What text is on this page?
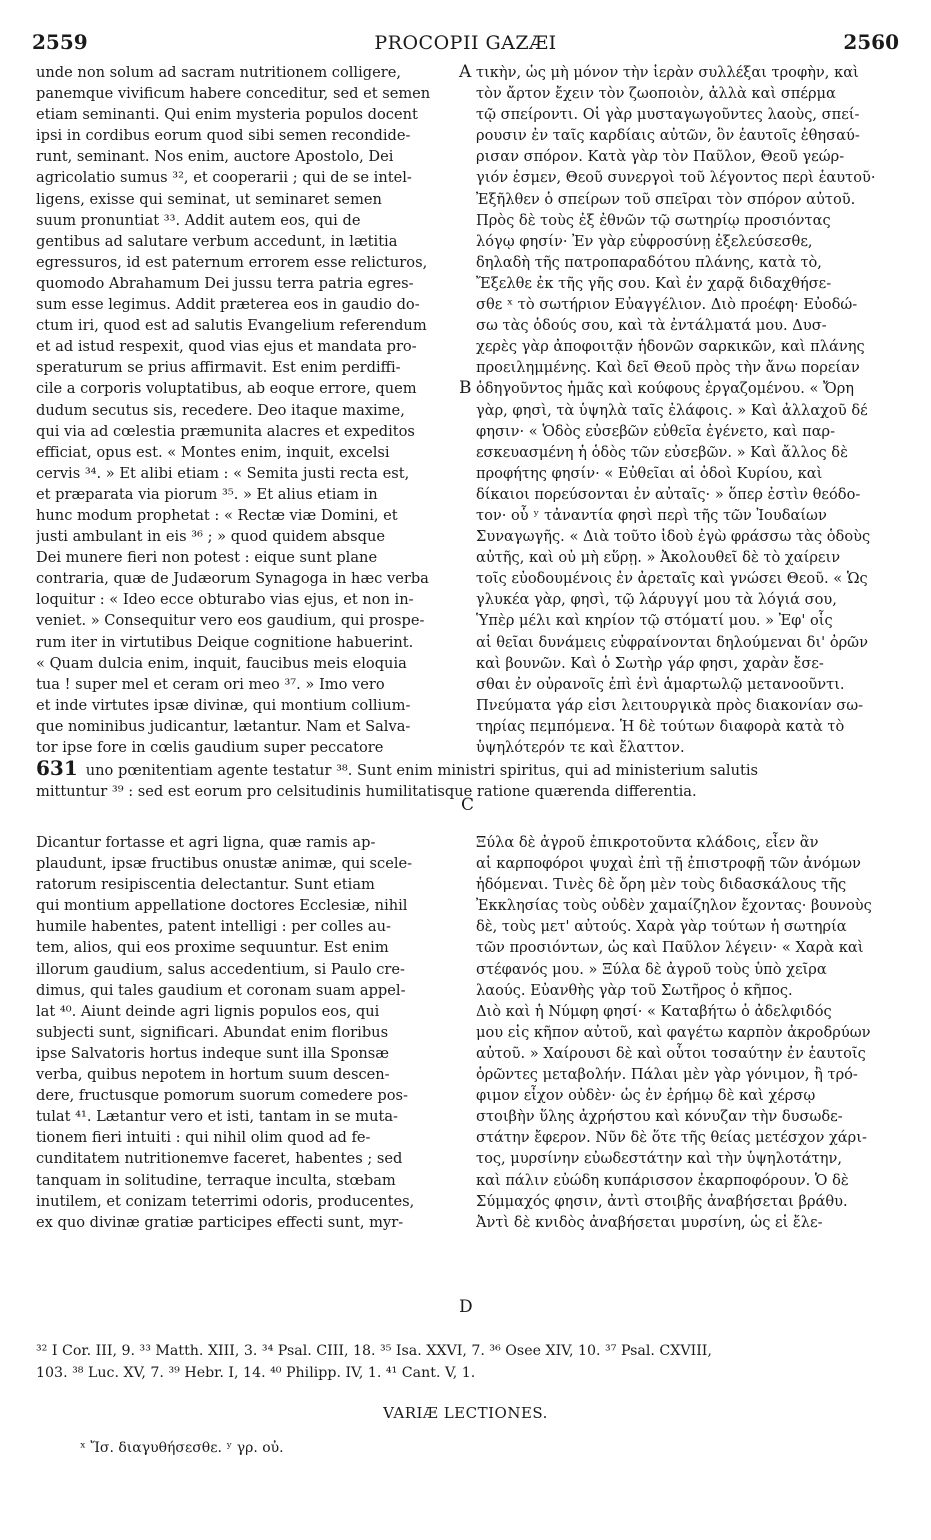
2559	PROCOPII GAZÆI	2560
unde non solum ad sacram nutritionem colligere,
panemque vivificum habere conceditur, sed et semen
etiam seminanti. Qui enim mysteria populos docent
ipsi in cordibus eorum quod sibi semen recondide-
runt, seminant. Nos enim, auctore Apostolo, Dei
agricolatio sumus ³², et cooperarii ; qui de se intel-
ligens, exisse qui seminat, ut seminaret semen
suum pronuntiat ³³. Addit autem eos, qui de
gentibus ad salutare verbum accedunt, in lætitia
egressuros, id est paternum errorem esse relicturos,
quomodo Abrahamum Dei jussu terra patria egres-
sum esse legimus. Addit præterea eos in gaudio do-
ctum iri, quod est ad salutis Evangelium referendum
et ad istud respexit, quod vias ejus et mandata pro-
speraturum se prius affirmavit. Est enim perdiffi-
cile a corporis voluptatibus, ab eoque errore, quem
dudum secutus sis, recedere. Deo itaque maxime,
qui via ad cœlestia præmunita alacres et expeditos
efficiat, opus est. « Montes enim, inquit, excelsi
cervis ³⁴. » Et alibi etiam : « Semita justi recta est,
et præparata via piorum ³⁵. » Et alius etiam in
hunc modum prophetat : « Rectæ viæ Domini, et
justi ambulant in eis ³⁶ ; » quod quidem absque
Dei munere fieri non potest : eique sunt plane
contraria, quæ de Judæorum Synagoga in hæc verba
loquitur : « Ideo ecce obturabo vias ejus, et non in-
veniet. » Consequitur vero eos gaudium, qui prospe-
rum iter in virtutibus Deique cognitione habuerint.
« Quam dulcia enim, inquit, faucibus meis eloquia
tua ! super mel et ceram ori meo ³⁷. » Imo vero
et inde virtutes ipsæ divinæ, qui montium collium-
que nominibus judicantur, lætantur. Nam et Salva-
tor ipse fore in cœlis gaudium super peccatore
τικὴν, ὡς μὴ μόνον τὴν ἱερὰν συλλέξαι τροφὴν, καὶ
τὸν ἄρτον ἔχειν τὸν ζωοποιὸν, ἀλλὰ καὶ σπέρμα
τῷ σπείροντι. Οἱ γὰρ μυσταγωγοῦντες λαοὺς, σπεί-
ρουσιν ἐν ταῖς καρδίαις αὐτῶν, ὃν ἑαυτοῖς ἐθησαύ-
ρισαν σπόρον. Κατὰ γὰρ τὸν Παῦλον, Θεοῦ γεώρ-
γιόν ἐσμεν, Θεοῦ συνεργοὶ τοῦ λέγοντος περὶ ἑαυτοῦ·
Ἐξῆλθεν ὁ σπείρων τοῦ σπεῖραι τὸν σπόρον αὐτοῦ.
Πρὸς δὲ τοὺς ἐξ ἐθνῶν τῷ σωτηρίῳ προσιόντας
λόγῳ φησίν· Ἐν γὰρ εὐφροσύνῃ ἐξελεύσεσθε,
δηλαδὴ τῆς πατροπαραδότου πλάνης, κατὰ τὸ,
Ἔξελθε ἐκ τῆς γῆς σου. Καὶ ἐν χαρᾷ διδαχθήσε-
σθε ˣ τὸ σωτήριον Εὐαγγέλιον. Διὸ προέφη· Εὐοδώ-
σω τὰς ὁδούς σου, καὶ τὰ ἐντάλματά μου. Δυσ-
χερὲς γὰρ ἀποφοιτᾷν ἡδονῶν σαρκικῶν, καὶ πλάνης
προειλημμένης. Καὶ δεῖ Θεοῦ πρὸς τὴν ἄνω πορείαν
ὁδηγοῦντος ἡμᾶς καὶ κούφους ἐργαζομένου. « Ὄρη
γὰρ, φησὶ, τὰ ὑψηλὰ ταῖς ἐλάφοις. » Καὶ ἀλλαχοῦ δέ
φησιν· « Ὁδὸς εὐσεβῶν εὐθεῖα ἐγένετο, καὶ παρ-
εσκευασμένη ἡ ὁδὸς τῶν εὐσεβῶν. » Καὶ ἄλλος δὲ
προφήτης φησίν· « Εὐθεῖαι αἱ ὁδοὶ Κυρίου, καὶ
δίκαιοι πορεύσονται ἐν αὐταῖς· » ὅπερ ἐστὶν θεόδο-
τον· οὗ ʸ τἀναντία φησὶ περὶ τῆς τῶν Ἰουδαίων
Συναγωγῆς. « Διὰ τοῦτο ἰδοὺ ἐγὼ φράσσω τὰς ὁδοὺς
αὐτῆς, καὶ οὐ μὴ εὕρῃ. » Ἀκολουθεῖ δὲ τὸ χαίρειν
τοῖς εὐοδουμένοις ἐν ἀρεταῖς καὶ γνώσει Θεοῦ. « Ὡς
γλυκέα γὰρ, φησὶ, τῷ λάρυγγί μου τὰ λόγιά σου,
Ὑπὲρ μέλι καὶ κηρίον τῷ στόματί μου. » Ἐφ' οἷς
αἱ θεῖαι δυνάμεις εὐφραίνονται δηλούμεναι δι' ὀρῶν
καὶ βουνῶν. Καὶ ὁ Σωτὴρ γάρ φησι, χαρὰν ἔσε-
σθαι ἐν οὐρανοῖς ἐπὶ ἑνὶ ἁμαρτωλῷ μετανοοῦντι.
Πνεύματα γάρ εἰσι λειτουργικὰ πρὸς διακονίαν σω-
τηρίας πεμπόμενα. Ἡ δὲ τούτων διαφορὰ κατὰ τὸ
ὑψηλότερόν τε καὶ ἔλαττον.
A
B
C
D
631 uno pœnitentiam agente testatur ³⁸. Sunt enim ministri spiritus, qui ad ministerium salutis
mittuntur ³⁹ : sed est eorum pro celsitudinis humilitatisque ratione quærenda differentia.
Dicantur fortasse et agri ligna, quæ ramis ap-
plaudunt, ipsæ fructibus onustæ animæ, qui scele-
ratorum resipiscentia delectantur. Sunt etiam
qui montium appellatione doctores Ecclesiæ, nihil
humile habentes, patent intelligi : per colles au-
tem, alios, qui eos proxime sequuntur. Est enim
illorum gaudium, salus accedentium, si Paulo cre-
dimus, qui tales gaudium et coronam suam appel-
lat ⁴⁰. Aiunt deinde agri lignis populos eos, qui
subjecti sunt, significari. Abundat enim floribus
ipse Salvatoris hortus indeque sunt illa Sponsæ
verba, quibus nepotem in hortum suum descen-
dere, fructusque pomorum suorum comedere pos-
tulat ⁴¹. Lætantur vero et isti, tantam in se muta-
tionem fieri intuiti : qui nihil olim quod ad fe-
cunditatem nutritionemve faceret, habentes ; sed
tanquam in solitudine, terraque inculta, stœbam
inutilem, et conizam teterrimi odoris, producentes,
ex quo divinæ gratiæ participes effecti sunt, myr-
Ξύλα δὲ ἀγροῦ ἐπικροτοῦντα κλάδοις, εἶεν ἂν
αἱ καρποφόροι ψυχαὶ ἐπὶ τῇ ἐπιστροφῇ τῶν ἀνόμων
ἡδόμεναι. Τινὲς δὲ ὄρη μὲν τοὺς διδασκάλους τῆς
Ἐκκλησίας τοὺς οὐδὲν χαμαίζηλον ἔχοντας· βουνοὺς
δὲ, τοὺς μετ' αὐτούς. Χαρὰ γὰρ τούτων ἡ σωτηρία
τῶν προσιόντων, ὡς καὶ Παῦλον λέγειν· « Χαρὰ καὶ
στέφανός μου. » Ξύλα δὲ ἀγροῦ τοὺς ὑπὸ χεῖρα
λαούς. Εὐανθὴς γὰρ τοῦ Σωτῆρος ὁ κῆπος.
Διὸ καὶ ἡ Νύμφη φησί· « Καταβήτω ὁ ἀδελφιδός
μου εἰς κῆπον αὐτοῦ, καὶ φαγέτω καρπὸν ἀκροδρύων
αὐτοῦ. » Χαίρουσι δὲ καὶ οὗτοι τοσαύτην ἐν ἑαυτοῖς
ὁρῶντες μεταβολήν. Πάλαι μὲν γὰρ γόνιμον, ἢ τρό-
φιμον εἶχον οὐδὲν· ὡς ἐν ἐρήμῳ δὲ καὶ χέρσῳ
στοιβὴν ὕλης ἀχρήστου καὶ κόνυζαν τὴν δυσωδε-
στάτην ἔφερον. Νῦν δὲ ὅτε τῆς θείας μετέσχον χάρι-
τος, μυρσίνην εὐωδεστάτην καὶ τὴν ὑψηλοτάτην,
καὶ πάλιν εὐώδη κυπάρισσον ἐκαρποφόρουν. Ὁ δὲ
Σύμμαχός φησιν, ἀντὶ στοιβῆς ἀναβήσεται βράθυ.
Ἀντὶ δὲ κνιδὸς ἀναβήσεται μυρσίνη, ὡς εἰ ἔλε-
³² I Cor. III, 9. ³³ Matth. XIII, 3. ³⁴ Psal. CIII, 18. ³⁵ Isa. XXVI, 7. ³⁶ Osee XIV, 10. ³⁷ Psal. CXVIII,
103. ³⁸ Luc. XV, 7. ³⁹ Hebr. I, 14. ⁴⁰ Philipp. IV, 1. ⁴¹ Cant. V, 1.
VARIÆ LECTIONES.
ˣ Ἴσ. διαγυθήσεσθε. ʸ γρ. οὐ.
